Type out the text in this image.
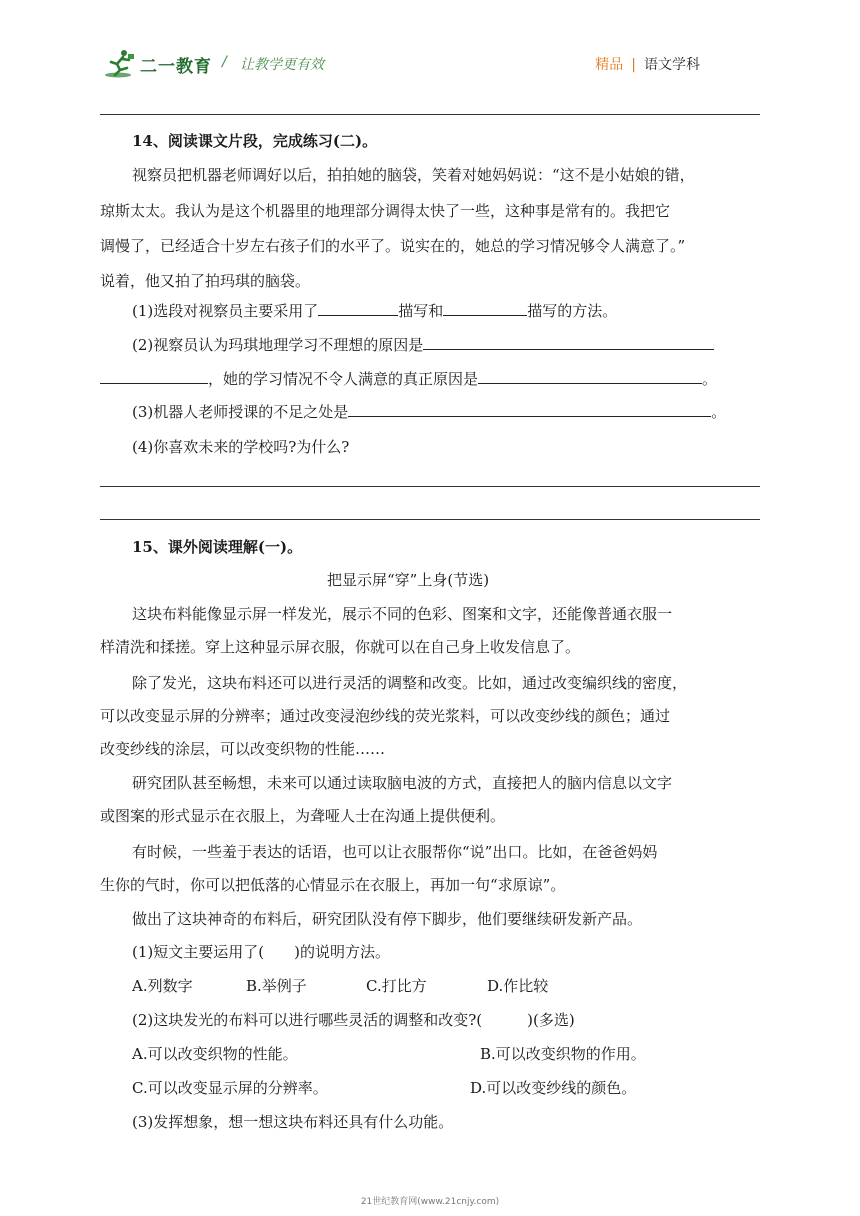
二一教育 / 让教学更有效	精品 | 语文学科
14、阅读课文片段，完成练习(二)。
视察员把机器老师调好以后，拍拍她的脑袋，笑着对她妈妈说：“这不是小姑娘的错，
琼斯太太。我认为是这个机器里的地理部分调得太快了一些，这种事是常有的。我把它
调慢了，已经适合十岁左右孩子们的水平了。说实在的，她总的学习情况够令人满意了。”
说着，他又拍了拍玛琪的脑袋。
(1)选段对视察员主要采用了	描写和	描写的方法。
(2)视察员认为玛琪地理学习不理想的原因是
，她的学习情况不令人满意的真正原因是	。
(3)机器人老师授课的不足之处是	。
(4)你喜欢未来的学校吗?为什么?
15、课外阅读理解(一)。
把显示屏“穿”上身(节选)
这块布料能像显示屏一样发光，展示不同的色彩、图案和文字，还能像普通衣服一
样清洗和揉搓。穿上这种显示屏衣服，你就可以在自己身上收发信息了。
除了发光，这块布料还可以进行灵活的调整和改变。比如，通过改变编织线的密度，
可以改变显示屏的分辨率；通过改变浸泡纱线的荧光浆料，可以改变纱线的颜色；通过
改变纱线的涂层，可以改变织物的性能……
研究团队甚至畅想，未来可以通过读取脑电波的方式，直接把人的脑内信息以文字
或图案的形式显示在衣服上，为聋哑人士在沟通上提供便利。
有时候，一些羞于表达的话语，也可以让衣服帮你“说”出口。比如，在爸爸妈妈
生你的气时，你可以把低落的心情显示在衣服上，再加一句“求原谅”。
做出了这块神奇的布料后，研究团队没有停下脚步，他们要继续研发新产品。
(1)短文主要运用了(　　)的说明方法。
A.列数字	B.举例子	C.打比方	D.作比较
(2)这块发光的布料可以进行哪些灵活的调整和改变?(　　　)(多选)
A.可以改变织物的性能。	B.可以改变织物的作用。
C.可以改变显示屏的分辨率。	D.可以改变纱线的颜色。
(3)发挥想象，想一想这块布料还具有什么功能。
21世纪教育网(www.21cnjy.com)
